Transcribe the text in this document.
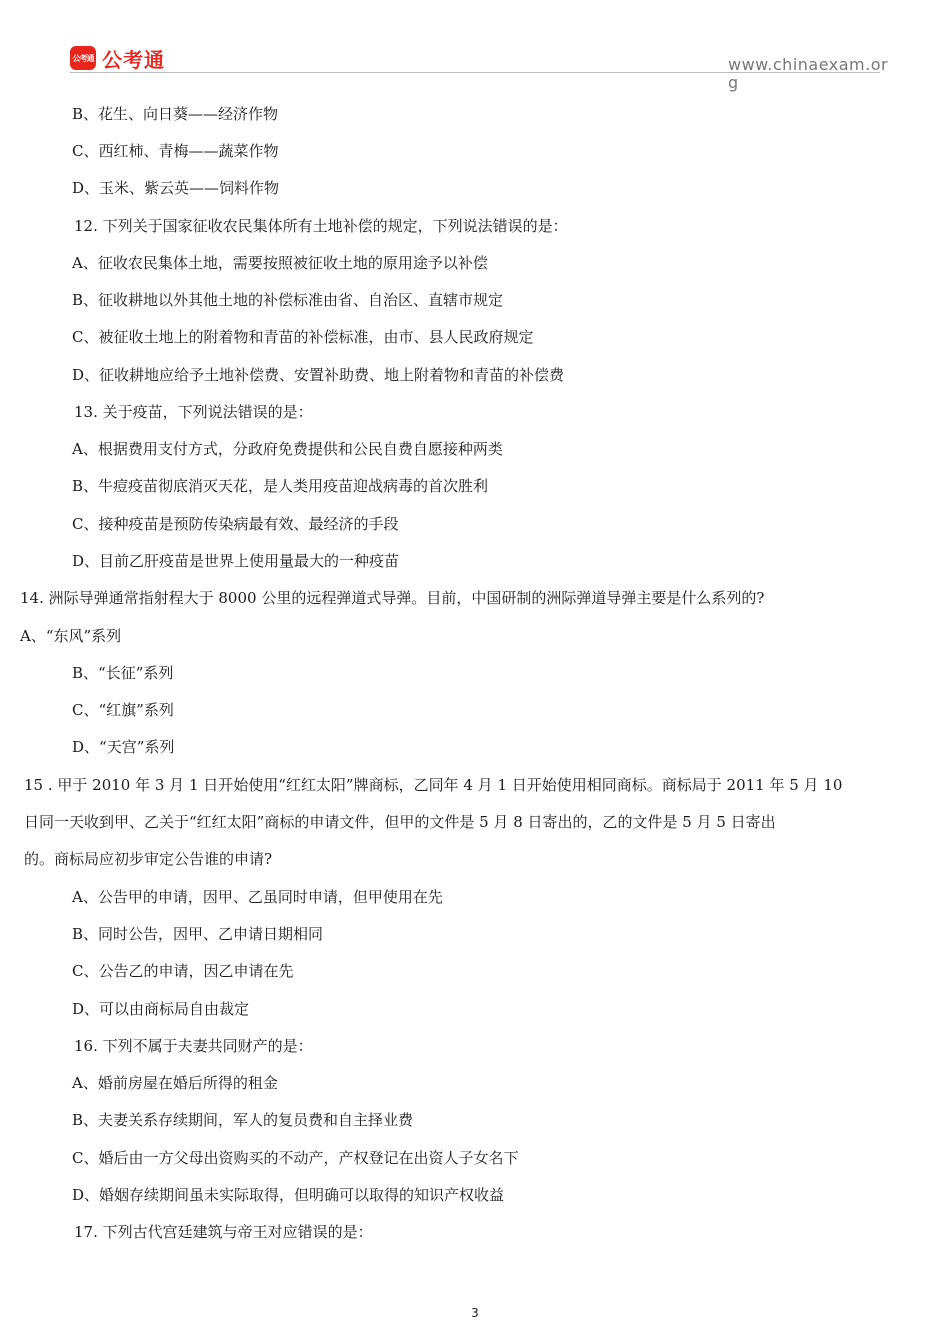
公考通 公考通	www.chinaexam.org
B、花生、向日葵——经济作物
C、西红柿、青梅——蔬菜作物
D、玉米、紫云英——饲料作物
12. 下列关于国家征收农民集体所有土地补偿的规定，下列说法错误的是：
A、征收农民集体土地，需要按照被征收土地的原用途予以补偿
B、征收耕地以外其他土地的补偿标准由省、自治区、直辖市规定
C、被征收土地上的附着物和青苗的补偿标准，由市、县人民政府规定
D、征收耕地应给予土地补偿费、安置补助费、地上附着物和青苗的补偿费
13. 关于疫苗，下列说法错误的是：
A、根据费用支付方式，分政府免费提供和公民自费自愿接种两类
B、牛痘疫苗彻底消灭天花，是人类用疫苗迎战病毒的首次胜利
C、接种疫苗是预防传染病最有效、最经济的手段
D、目前乙肝疫苗是世界上使用量最大的一种疫苗
14. 洲际导弹通常指射程大于 8000 公里的远程弹道式导弹。目前，中国研制的洲际弹道导弹主要是什么系列的?
A、“东风”系列
B、“长征”系列
C、“红旗”系列
D、“天宫”系列
15 . 甲于 2010 年 3 月 1 日开始使用“红红太阳”牌商标，乙同年 4 月 1 日开始使用相同商标。商标局于 2011 年 5 月 10
日同一天收到甲、乙关于“红红太阳”商标的申请文件，但甲的文件是 5 月 8 日寄出的，乙的文件是 5 月 5 日寄出
的。商标局应初步审定公告谁的申请?
A、公告甲的申请，因甲、乙虽同时申请，但甲使用在先
B、同时公告，因甲、乙申请日期相同
C、公告乙的申请，因乙申请在先
D、可以由商标局自由裁定
16. 下列不属于夫妻共同财产的是：
A、婚前房屋在婚后所得的租金
B、夫妻关系存续期间，军人的复员费和自主择业费
C、婚后由一方父母出资购买的不动产，产权登记在出资人子女名下
D、婚姻存续期间虽未实际取得，但明确可以取得的知识产权收益
17. 下列古代宫廷建筑与帝王对应错误的是：
3
